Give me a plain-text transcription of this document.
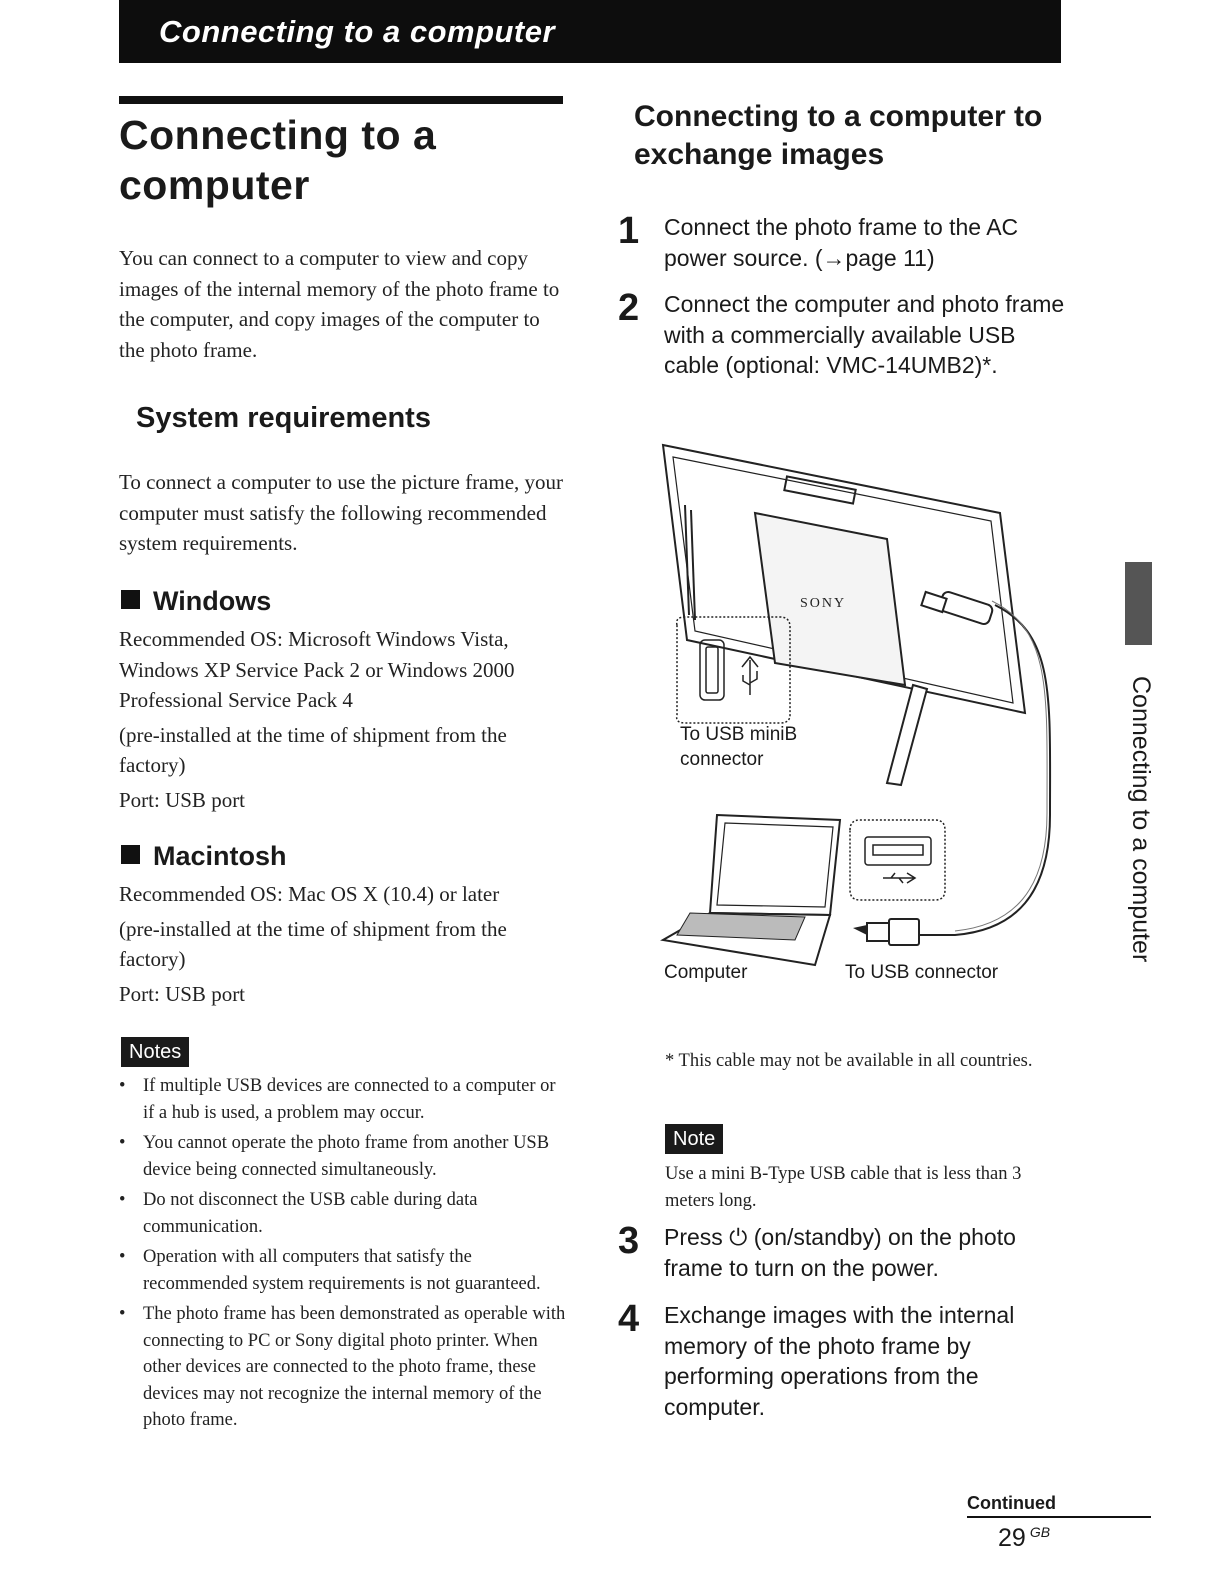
Connecting to a computer
Connecting to a computer
You can connect to a computer to view and copy images of the internal memory of the photo frame to the computer, and copy images of the computer to the photo frame.
System requirements
To connect a computer to use the picture frame, your computer must satisfy the following recommended system requirements.
Windows

Recommended OS: Microsoft Windows Vista, Windows XP Service Pack 2 or Windows 2000 Professional Service Pack 4

(pre-installed at the time of shipment from the factory)

Port: USB port

Macintosh

Recommended OS: Mac OS X (10.4) or later

(pre-installed at the time of shipment from the factory)

Port: USB port

Notes
• If multiple USB devices are connected to a computer or if a hub is used, a problem may occur.
• You cannot operate the photo frame from another USB device being connected simultaneously.
• Do not disconnect the USB cable during data communication.
• Operation with all computers that satisfy the recommended system requirements is not guaranteed.
• The photo frame has been demonstrated as operable with connecting to PC or Sony digital photo printer. When other devices are connected to the photo frame, these devices may not recognize the internal memory of the photo frame.
Connecting to a computer to exchange images
1 Connect the photo frame to the AC power source. (→page 11)
2 Connect the computer and photo frame with a commercially available USB cable (optional: VMC-14UMB2)*.
SONY
To USB miniB connector
Computer	To USB connector
* This cable may not be available in all countries.
Note
Use a mini B-Type USB cable that is less than 3 meters long.
3 Press ⏻ (on/standby) on the photo frame to turn on the power.
4 Exchange images with the internal memory of the photo frame by performing operations from the computer.
Connecting to a computer
Continued
29 $^{GB}$
